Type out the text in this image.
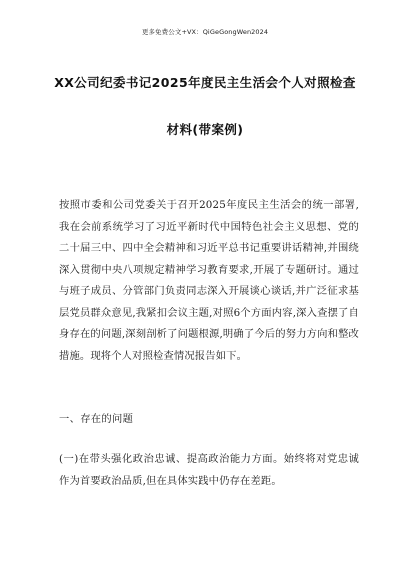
更多免费公文+VX：QiGeGongWen2024
XX公司纪委书记2025年度民主生活会个人对照检查
材料(带案例)
按照市委和公司党委关于召开2025年度民主生活会的统一部署,我在会前系统学习了习近平新时代中国特色社会主义思想、党的二十届三中、四中全会精神和习近平总书记重要讲话精神,并围绕深入贯彻中央八项规定精神学习教育要求,开展了专题研讨。通过与班子成员、分管部门负责同志深入开展谈心谈话,并广泛征求基层党员群众意见,我紧扣会议主题,对照6个方面内容,深入查摆了自身存在的问题,深刻剖析了问题根源,明确了今后的努力方向和整改措施。现将个人对照检查情况报告如下。
一、存在的问题
(一)在带头强化政治忠诚、提高政治能力方面。始终将对党忠诚作为首要政治品质,但在具体实践中仍存在差距。
